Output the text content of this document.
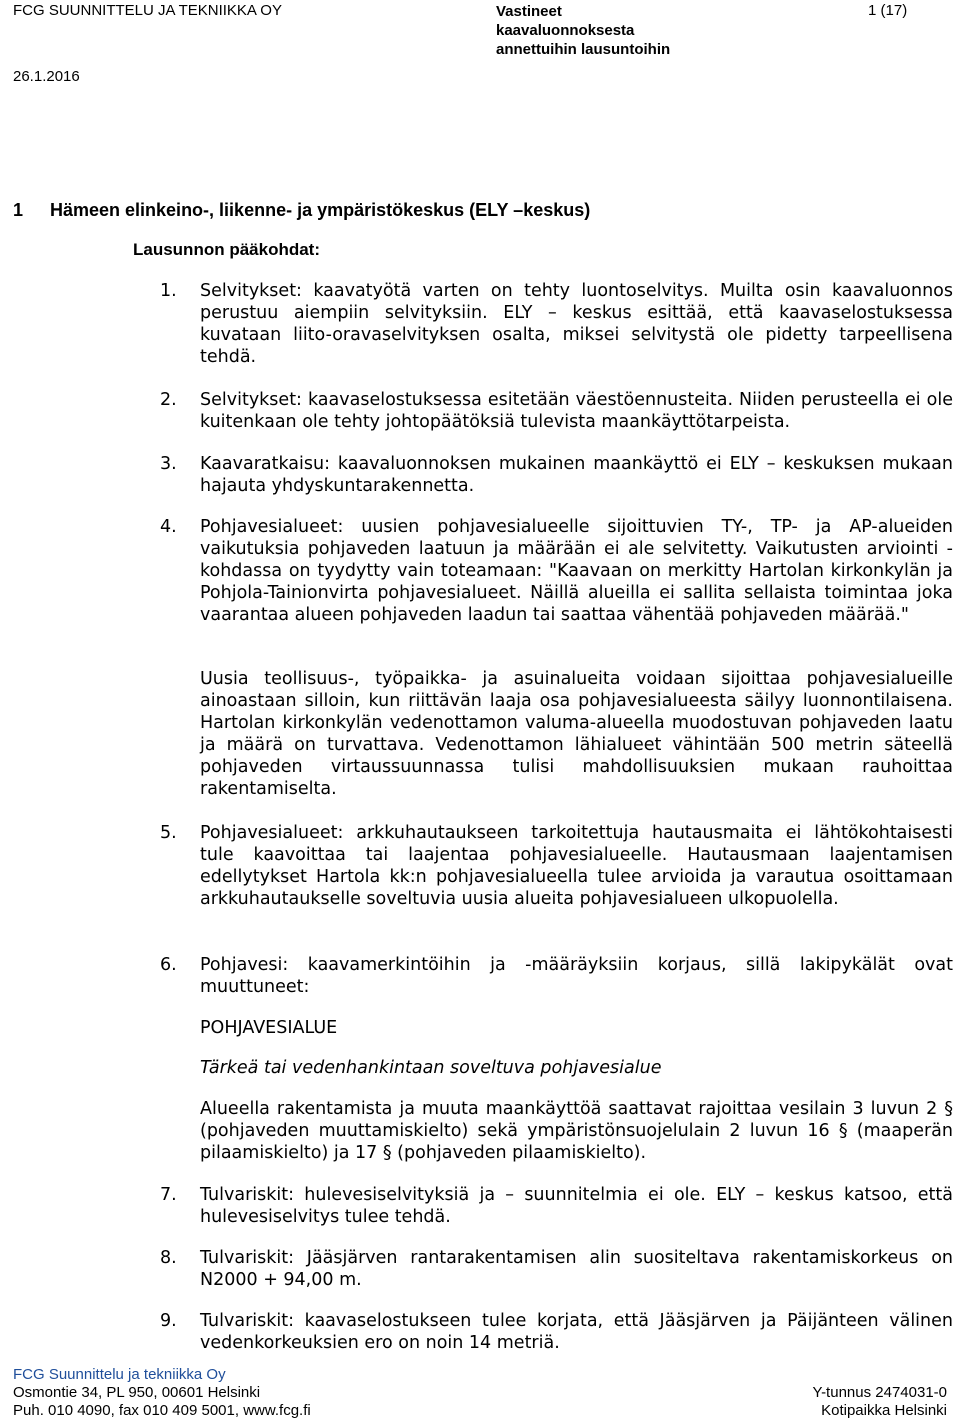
FCG SUUNNITTELU JA TEKNIIKKA OY	Vastineet
kaavaluonnoksesta
annettuihin lausuntoihin
1 (17)
26.1.2016
1 Hämeen elinkeino-, liikenne- ja ympäristökeskus (ELY –keskus)
Lausunnon pääkohdat:
1. Selvitykset: kaavatyötä varten on tehty luontoselvitys. Muilta osin kaavaluonnos perustuu aiempiin selvityksiin. ELY – keskus esittää, että kaavaselostuksessa kuvataan liito-oravaselvityksen osalta, miksei selvitystä ole pidetty tarpeellisena tehdä.
2. Selvitykset: kaavaselostuksessa esitetään väestöennusteita. Niiden perusteella ei ole kuitenkaan ole tehty johtopäätöksiä tulevista maankäyttötarpeista.
3. Kaavaratkaisu: kaavaluonnoksen mukainen maankäyttö ei ELY – keskuksen mukaan hajauta yhdyskuntarakennetta.
4. Pohjavesialueet: uusien pohjavesialueelle sijoittuvien TY-, TP- ja AP-alueiden vaikutuksia pohjaveden laatuun ja määrään ei ale selvitetty. Vaikutusten arviointi -kohdassa on tyydytty vain toteamaan: "Kaavaan on merkitty Hartolan kirkonkylän ja Pohjola-Tainionvirta pohjavesialueet. Näillä alueilla ei sallita sellaista toimintaa joka vaarantaa alueen pohjaveden laadun tai saattaa vähentää pohjaveden määrää."
Uusia teollisuus-, työpaikka- ja asuinalueita voidaan sijoittaa pohjavesialueille ainoastaan silloin, kun riittävän laaja osa pohjavesialueesta säilyy luonnontilaisena. Hartolan kirkonkylän vedenottamon valuma-alueella muodostuvan pohjaveden laatu ja määrä on turvattava. Vedenottamon lähialueet vähintään 500 metrin säteellä pohjaveden virtaussuunnassa tulisi mahdollisuuksien mukaan rauhoittaa rakentamiselta.
5. Pohjavesialueet: arkkuhautaukseen tarkoitettuja hautausmaita ei lähtökohtaisesti tule kaavoittaa tai laajentaa pohjavesialueelle. Hautausmaan laajentamisen edellytykset Hartola kk:n pohjavesialueella tulee arvioida ja varautua osoittamaan arkkuhautaukselle soveltuvia uusia alueita pohjavesialueen ulkopuolella.
6. Pohjavesi: kaavamerkintöihin ja -määräyksiin korjaus, sillä lakipykälät ovat muuttuneet:
POHJAVESIALUE
Tärkeä tai vedenhankintaan soveltuva pohjavesialue
Alueella rakentamista ja muuta maankäyttöä saattavat rajoittaa vesilain 3 luvun 2 § (pohjaveden muuttamiskielto) sekä ympäristönsuojelulain 2 luvun 16 § (maaperän pilaamiskielto) ja 17 § (pohjaveden pilaamiskielto).
7. Tulvariskit: hulevesiselvityksiä ja – suunnitelmia ei ole. ELY – keskus katsoo, että hulevesiselvitys tulee tehdä.
8. Tulvariskit: Jääsjärven rantarakentamisen alin suositeltava rakentamiskorkeus on N2000 + 94,00 m.
9. Tulvariskit: kaavaselostukseen tulee korjata, että Jääsjärven ja Päijänteen välinen vedenkorkeuksien ero on noin 14 metriä.
FCG Suunnittelu ja tekniikka Oy
Osmontie 34, PL 950, 00601 Helsinki
Puh. 010 4090, fax 010 409 5001, www.fcg.fi
Y-tunnus 2474031-0
Kotipaikka Helsinki
